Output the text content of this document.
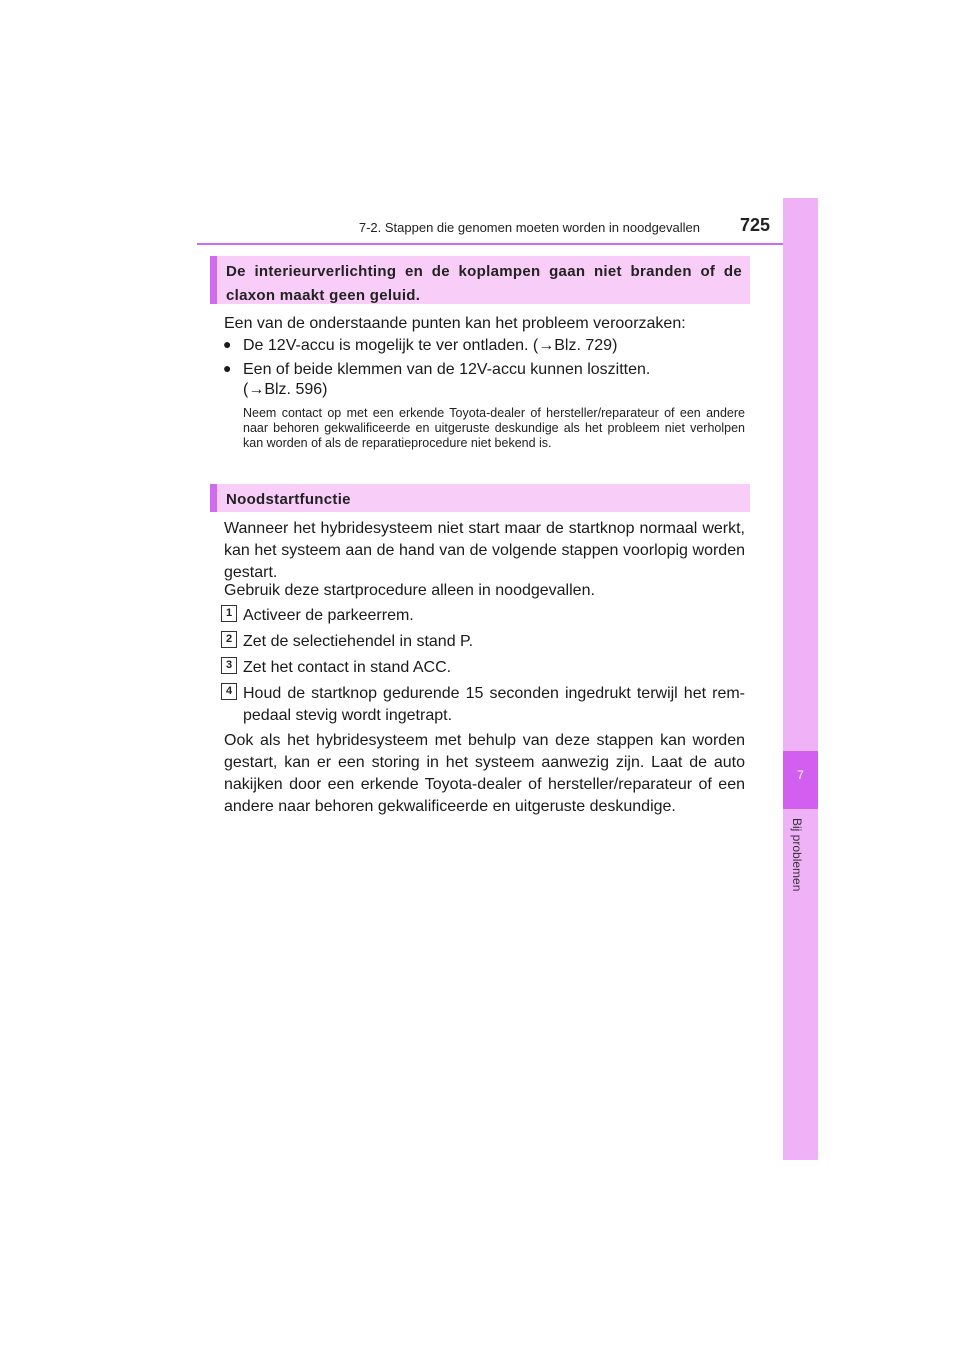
7-2. Stappen die genomen moeten worden in noodgevallen 725
7
Bij problemen
De interieurverlichting en de koplampen gaan niet branden of de claxon maakt geen geluid.
Een van de onderstaande punten kan het probleem veroorzaken:
● De 12V-accu is mogelijk te ver ontladen. (→Blz. 729)
● Een of beide klemmen van de 12V-accu kunnen loszitten.
(→Blz. 596)
Neem contact op met een erkende Toyota-dealer of hersteller/reparateur of een andere naar behoren gekwalificeerde en uitgeruste deskundige als het probleem niet verholpen kan worden of als de reparatieprocedure niet bekend is.
Noodstartfunctie
Wanneer het hybridesysteem niet start maar de startknop normaal werkt, kan het systeem aan de hand van de volgende stappen voorlopig worden gestart.
Gebruik deze startprocedure alleen in noodgevallen.
1 Activeer de parkeerrem.
2 Zet de selectiehendel in stand P.
3 Zet het contact in stand ACC.
4 Houd de startknop gedurende 15 seconden ingedrukt terwijl het rem-pedaal stevig wordt ingetrapt.
Ook als het hybridesysteem met behulp van deze stappen kan worden gestart, kan er een storing in het systeem aanwezig zijn. Laat de auto nakijken door een erkende Toyota-dealer of hersteller/reparateur of een andere naar behoren gekwalificeerde en uitgeruste deskundige.
